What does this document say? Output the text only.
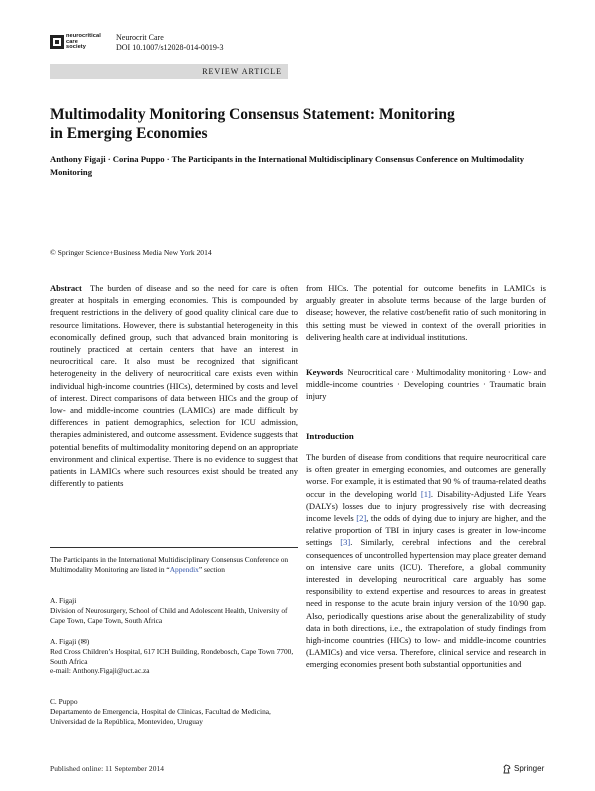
neurocritical
care
society
Neurocrit Care
DOI 10.1007/s12028-014-0019-3
REVIEW ARTICLE
Multimodality Monitoring Consensus Statement: Monitoring
in Emerging Economies
Anthony Figaji · Corina Puppo · The Participants in the International Multidisciplinary Consensus Conference on Multimodality Monitoring
© Springer Science+Business Media New York 2014
Abstract The burden of disease and so the need for care is often greater at hospitals in emerging economies. This is compounded by frequent restrictions in the delivery of good quality clinical care due to resource limitations. However, there is substantial heterogeneity in this economically defined group, such that advanced brain monitoring is routinely practiced at certain centers that have an interest in neurocritical care. It also must be recognized that significant heterogeneity in the delivery of neurocritical care exists even within individual high-income countries (HICs), determined by costs and level of interest. Direct comparisons of data between HICs and the group of low- and middle-income countries (LAMICs) are made difficult by differences in patient demographics, selection for ICU admission, therapies administered, and outcome assessment. Evidence suggests that potential benefits of multimodality monitoring depend on an appropriate environment and clinical expertise. There is no evidence to suggest that patients in LAMICs where such resources exist should be treated any differently to patients
from HICs. The potential for outcome benefits in LAMICs is arguably greater in absolute terms because of the large burden of disease; however, the relative cost/benefit ratio of such monitoring in this setting must be viewed in context of the overall priorities in delivering health care at individual institutions.
Keywords Neurocritical care · Multimodality monitoring · Low- and middle-income countries · Developing countries · Traumatic brain injury
Introduction
The burden of disease from conditions that require neurocritical care is often greater in emerging economies, and outcomes are generally worse. For example, it is estimated that 90 % of trauma-related deaths occur in the developing world [1]. Disability-Adjusted Life Years (DALYs) losses due to injury progressively rise with decreasing income levels [2], the odds of dying due to injury are higher, and the relative proportion of TBI in injury cases is greater in low-income settings [3]. Similarly, cerebral infections and the cerebral consequences of uncontrolled hypertension may place greater demand on intensive care units (ICU). Therefore, a global community interested in developing neurocritical care arguably has some responsibility to extend expertise and resources to areas in greatest need in response to the acute brain injury version of the 10/90 gap. Also, periodically questions arise about the generalizability of study data in both directions, i.e., the extrapolation of study findings from high-income countries (HICs) to low- and middle-income countries (LAMICs) and vice versa. Therefore, clinical service and research in emerging economies present both substantial opportunities and
The Participants in the International Multidisciplinary Consensus Conference on Multimodality Monitoring are listed in “Appendix” section
A. Figaji
Division of Neurosurgery, School of Child and Adolescent Health, University of Cape Town, Cape Town, South Africa
A. Figaji (✉)
Red Cross Children’s Hospital, 617 ICH Building, Rondebosch, Cape Town 7700, South Africa
e-mail: Anthony.Figaji@uct.ac.za
C. Puppo
Departamento de Emergencia, Hospital de Clinicas, Facultad de Medicina, Universidad de la República, Montevideo, Uruguay
Published online: 11 September 2014	Springer
